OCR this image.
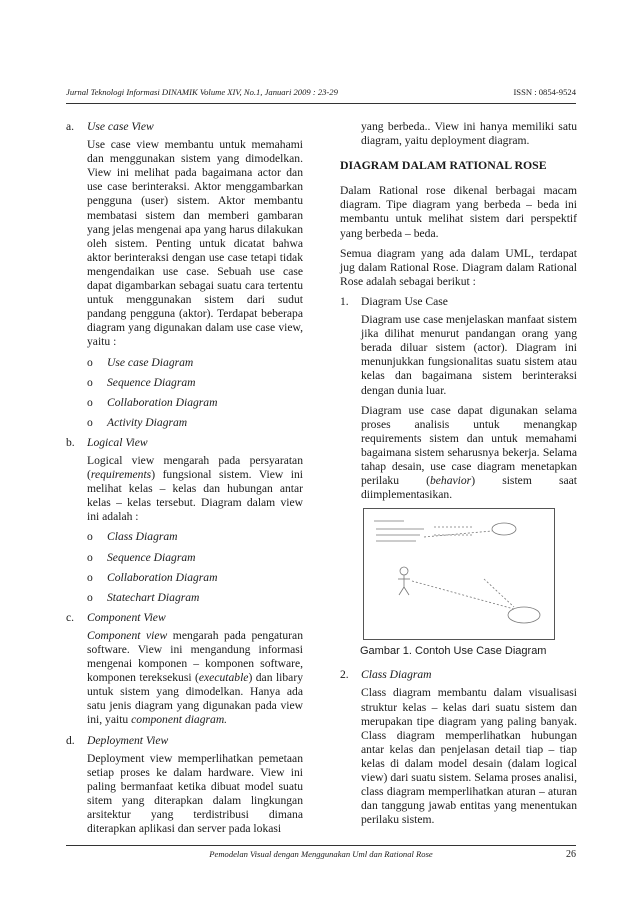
Jurnal Teknologi Informasi DINAMIK Volume XIV, No.1, Januari 2009 : 23-29	ISSN : 0854-9524
a. Use case View
Use case view membantu untuk memahami dan menggunakan sistem yang dimodelkan. View ini melihat pada bagaimana actor dan use case berinteraksi. Aktor menggambarkan pengguna (user) sistem. Aktor membantu membatasi sistem dan memberi gambaran yang jelas mengenai apa yang harus dilakukan oleh sistem. Penting untuk dicatat bahwa aktor berinteraksi dengan use case tetapi tidak mengendaikan use case. Sebuah use case dapat digambarkan sebagai suatu cara tertentu untuk menggunakan sistem dari sudut pandang pengguna (aktor). Terdapat beberapa diagram yang digunakan dalam use case view, yaitu :
o Use case Diagram
o Sequence Diagram
o Collaboration Diagram
o Activity Diagram
b. Logical View
Logical view mengarah pada persyaratan (requirements) fungsional sistem. View ini melihat kelas – kelas dan hubungan antar kelas – kelas tersebut. Diagram dalam view ini adalah :
o Class Diagram
o Sequence Diagram
o Collaboration Diagram
o Statechart Diagram
c. Component View
Component view mengarah pada pengaturan software. View ini mengandung informasi mengenai komponen – komponen software, komponen tereksekusi (executable) dan libary untuk sistem yang dimodelkan. Hanya ada satu jenis diagram yang digunakan pada view ini, yaitu component diagram.
d. Deployment View
Deployment view memperlihatkan pemetaan setiap proses ke dalam hardware. View ini paling bermanfaat ketika dibuat model suatu sitem yang diterapkan dalam lingkungan arsitektur yang terdistribusi dimana diterapkan aplikasi dan server pada lokasi
yang berbeda.. View ini hanya memiliki satu diagram, yaitu deployment diagram.
DIAGRAM DALAM RATIONAL ROSE
Dalam Rational rose dikenal berbagai macam diagram. Tipe diagram yang berbeda – beda ini membantu untuk melihat sistem dari perspektif yang berbeda – beda.
Semua diagram yang ada dalam UML, terdapat jug dalam Rational Rose. Diagram dalam Rational Rose adalah sebagai berikut :
1. Diagram Use Case
Diagram use case menjelaskan manfaat sistem jika dilihat menurut pandangan orang yang berada diluar sistem (actor). Diagram ini menunjukkan fungsionalitas suatu sistem atau kelas dan bagaimana sistem berinteraksi dengan dunia luar.
Diagram use case dapat digunakan selama proses analisis untuk menangkap requirements sistem dan untuk memahami bagaimana sistem seharusnya bekerja. Selama tahap desain, use case diagram menetapkan perilaku (behavior) sistem saat diimplementasikan.
Gambar 1. Contoh Use Case Diagram
2. Class Diagram
Class diagram membantu dalam visualisasi struktur kelas – kelas dari suatu sistem dan merupakan tipe diagram yang paling banyak. Class diagram memperlihatkan hubungan antar kelas dan penjelasan detail tiap – tiap kelas di dalam model desain (dalam logical view) dari suatu sistem. Selama proses analisi, class diagram memperlihatkan aturan – aturan dan tanggung jawab entitas yang menentukan perilaku sistem.
Pemodelan Visual dengan Menggunakan Uml dan Rational Rose	26
